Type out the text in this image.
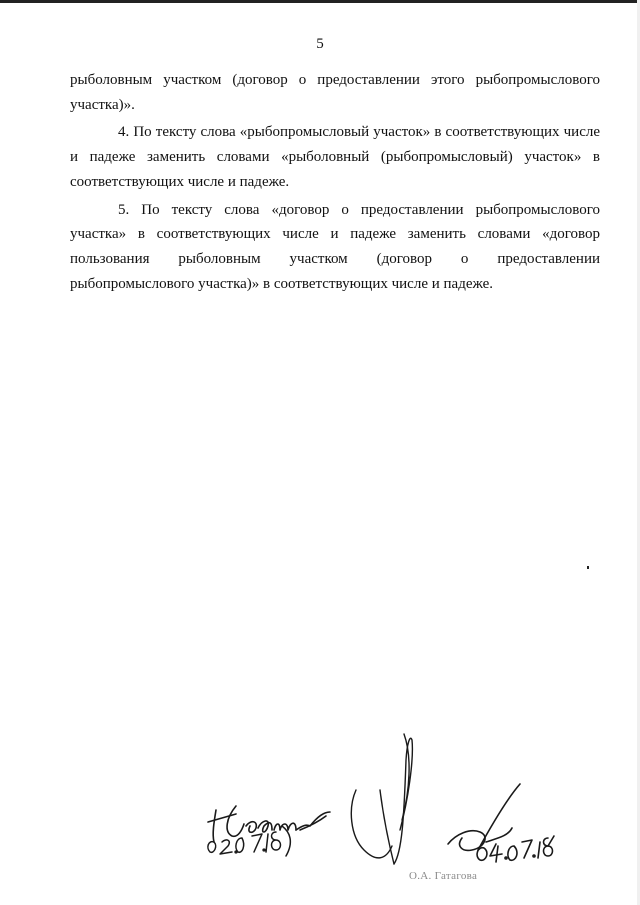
5

рыболовным участком (договор о предоставлении этого рыбопромыслового участка)».

4. По тексту слова «рыбопромысловый участок» в соответствующих числе и падеже заменить словами «рыболовный (рыбопромысловый) участок» в соответствующих числе и падеже.

5. По тексту слова «договор о предоставлении рыбопромыслового участка» в соответствующих числе и падеже заменить словами «договор пользования рыболовным участком (договор о предоставлении рыбопромыслового участка)» в соответствующих числе и падеже.

О.А. Гатагова
